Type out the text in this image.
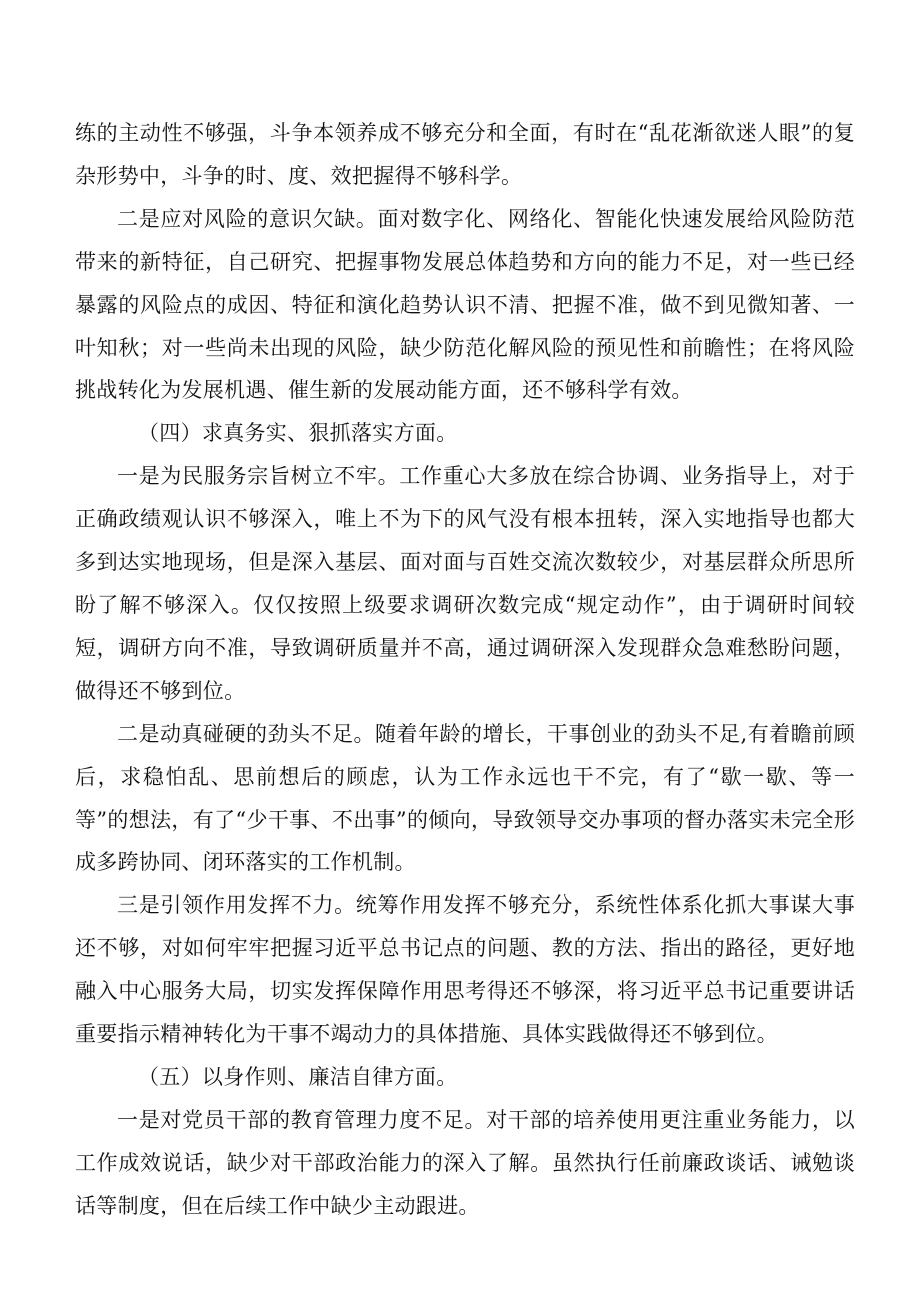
练的主动性不够强，斗争本领养成不够充分和全面，有时在“乱花渐欲迷人眼”的复杂形势中，斗争的时、度、效把握得不够科学。

二是应对风险的意识欠缺。面对数字化、网络化、智能化快速发展给风险防范带来的新特征，自己研究、把握事物发展总体趋势和方向的能力不足，对一些已经暴露的风险点的成因、特征和演化趋势认识不清、把握不准，做不到见微知著、一叶知秋；对一些尚未出现的风险，缺少防范化解风险的预见性和前瞻性；在将风险挑战转化为发展机遇、催生新的发展动能方面，还不够科学有效。

（四）求真务实、狠抓落实方面。

一是为民服务宗旨树立不牢。工作重心大多放在综合协调、业务指导上，对于正确政绩观认识不够深入，唯上不为下的风气没有根本扭转，深入实地指导也都大多到达实地现场，但是深入基层、面对面与百姓交流次数较少，对基层群众所思所盼了解不够深入。仅仅按照上级要求调研次数完成“规定动作”，由于调研时间较短，调研方向不准，导致调研质量并不高，通过调研深入发现群众急难愁盼问题，做得还不够到位。

二是动真碰硬的劲头不足。随着年龄的增长，干事创业的劲头不足,有着瞻前顾后，求稳怕乱、思前想后的顾虑，认为工作永远也干不完，有了“歇一歇、等一等”的想法，有了“少干事、不出事”的倾向，导致领导交办事项的督办落实未完全形成多跨协同、闭环落实的工作机制。

三是引领作用发挥不力。统筹作用发挥不够充分，系统性体系化抓大事谋大事还不够，对如何牢牢把握习近平总书记点的问题、教的方法、指出的路径，更好地融入中心服务大局，切实发挥保障作用思考得还不够深，将习近平总书记重要讲话重要指示精神转化为干事不竭动力的具体措施、具体实践做得还不够到位。

（五）以身作则、廉洁自律方面。

一是对党员干部的教育管理力度不足。对干部的培养使用更注重业务能力，以工作成效说话，缺少对干部政治能力的深入了解。虽然执行任前廉政谈话、诫勉谈话等制度，但在后续工作中缺少主动跟进。
